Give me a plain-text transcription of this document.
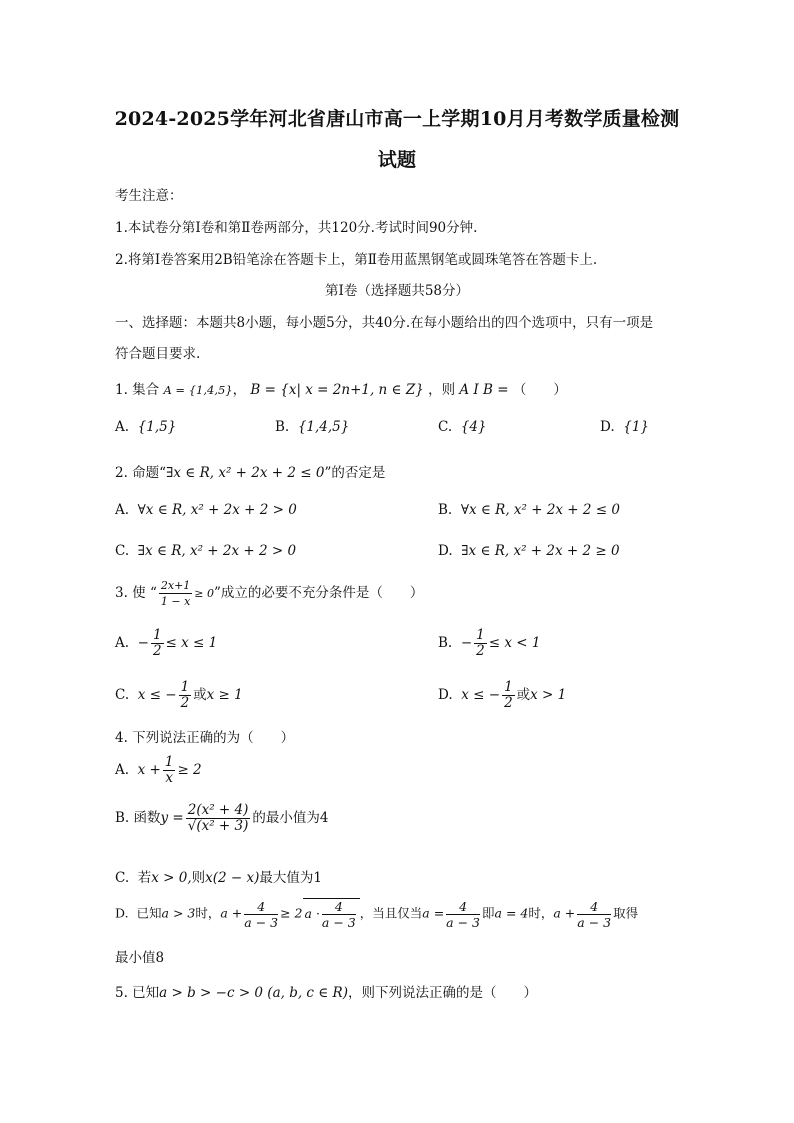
2024-2025学年河北省唐山市高一上学期10月月考数学质量检测
试题
考生注意：
1.本试卷分第Ⅰ卷和第Ⅱ卷两部分，共120分.考试时间90分钟.
2.将第Ⅰ卷答案用2B铅笔涂在答题卡上，第Ⅱ卷用蓝黑钢笔或圆珠笔答在答题卡上.
第Ⅰ卷（选择题共58分）
一、选择题：本题共8小题，每小题5分，共40分.在每小题给出的四个选项中，只有一项是
符合题目要求.
1. 集合 A = {1,4,5}， B = {x| x = 2n+1, n ∈ Z} ，则 A I B = （　　）
A. {1,5}	B. {1,4,5}	C. {4}	D. {1}
2. 命题“∃x ∈ R, x² + 2x + 2 ≤ 0”的否定是
A. ∀x ∈ R, x² + 2x + 2 > 0	B. ∀x ∈ R, x² + 2x + 2 ≤ 0
C. ∃x ∈ R, x² + 2x + 2 > 0	D. ∃x ∈ R, x² + 2x + 2 ≥ 0
3. 使 “ $\frac{2x+1}{1 - x} \ge 0$”成立的必要不充分条件是（　　）
A. − $\frac{1}{2} \le x \le 1$	B. − $\frac{1}{2} \le x < 1$
C. x ≤ − $\frac{1}{2}$ 或x ≥ 1	D. x ≤ − $\frac{1}{2}$ 或x > 1
4. 下列说法正确的为（　　）
A. $x + \frac{1}{x} \ge 2$
B. 函数$y = \frac{\text{2(x² + 4)}}{\text{√(x² + 3)}}$ 的最小值为4
C. 若x > 0,则x(2 − x)最大值为1
D. 已知a > 3时，$a + \frac{4}{a - 3} \ge 2$ $a \cdot \frac{4}{a - 3}$ ，当且仅当$a = \frac{4}{a - 3}$ 即a = 4时，$a + \frac{4}{a - 3}$ 取得
最小值8
5. 已知a > b > −c > 0 (a, b, c ∈ R)，则下列说法正确的是（　　）
